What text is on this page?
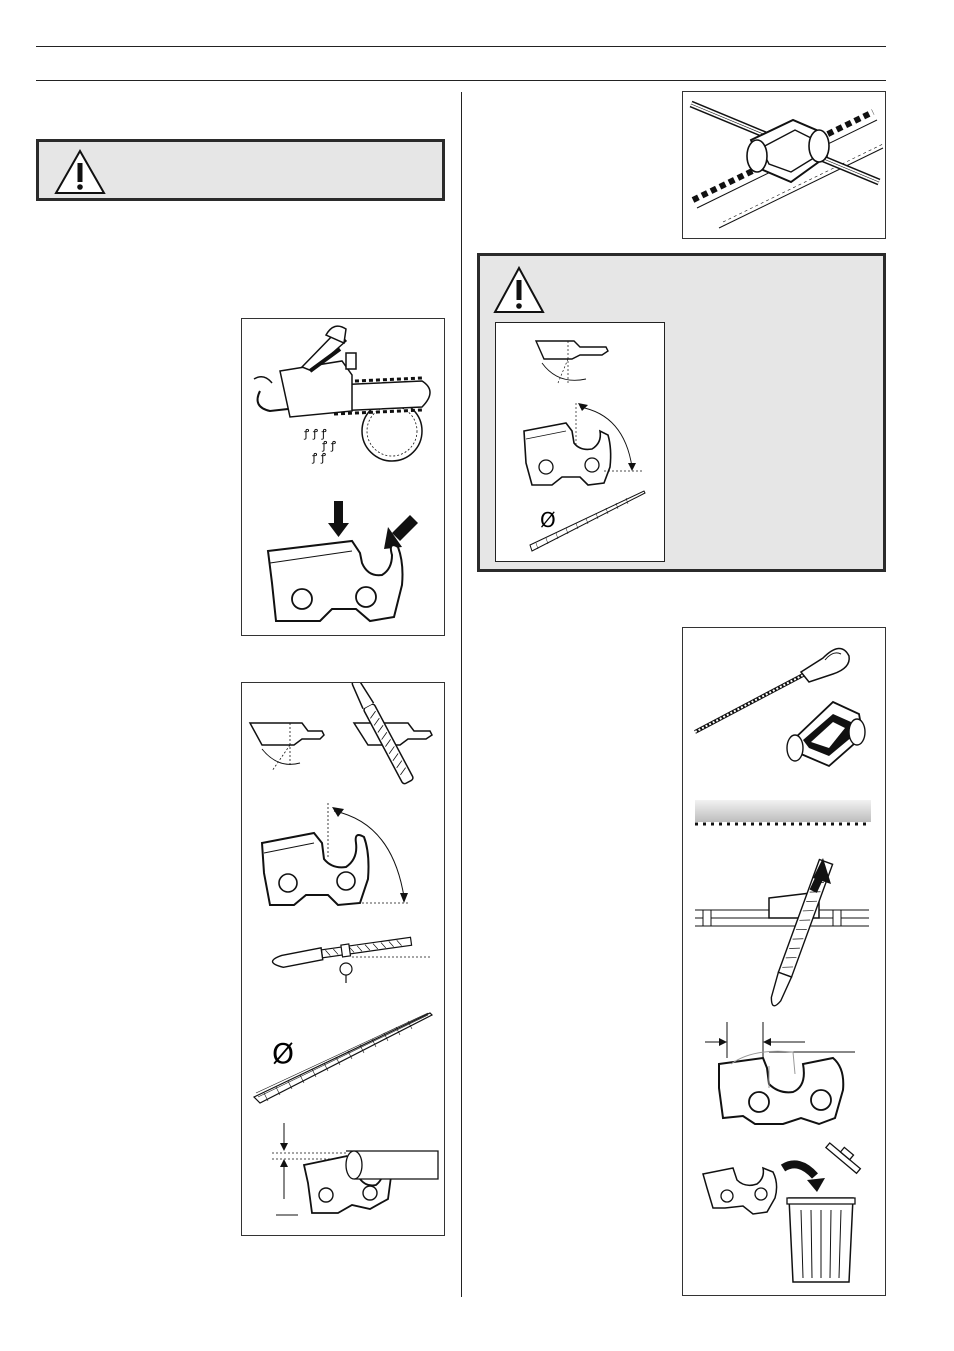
ꝭ ꝭ ꝭ
ꝭ ꝭ
ꝭ ꝭ
Ø
Ø
